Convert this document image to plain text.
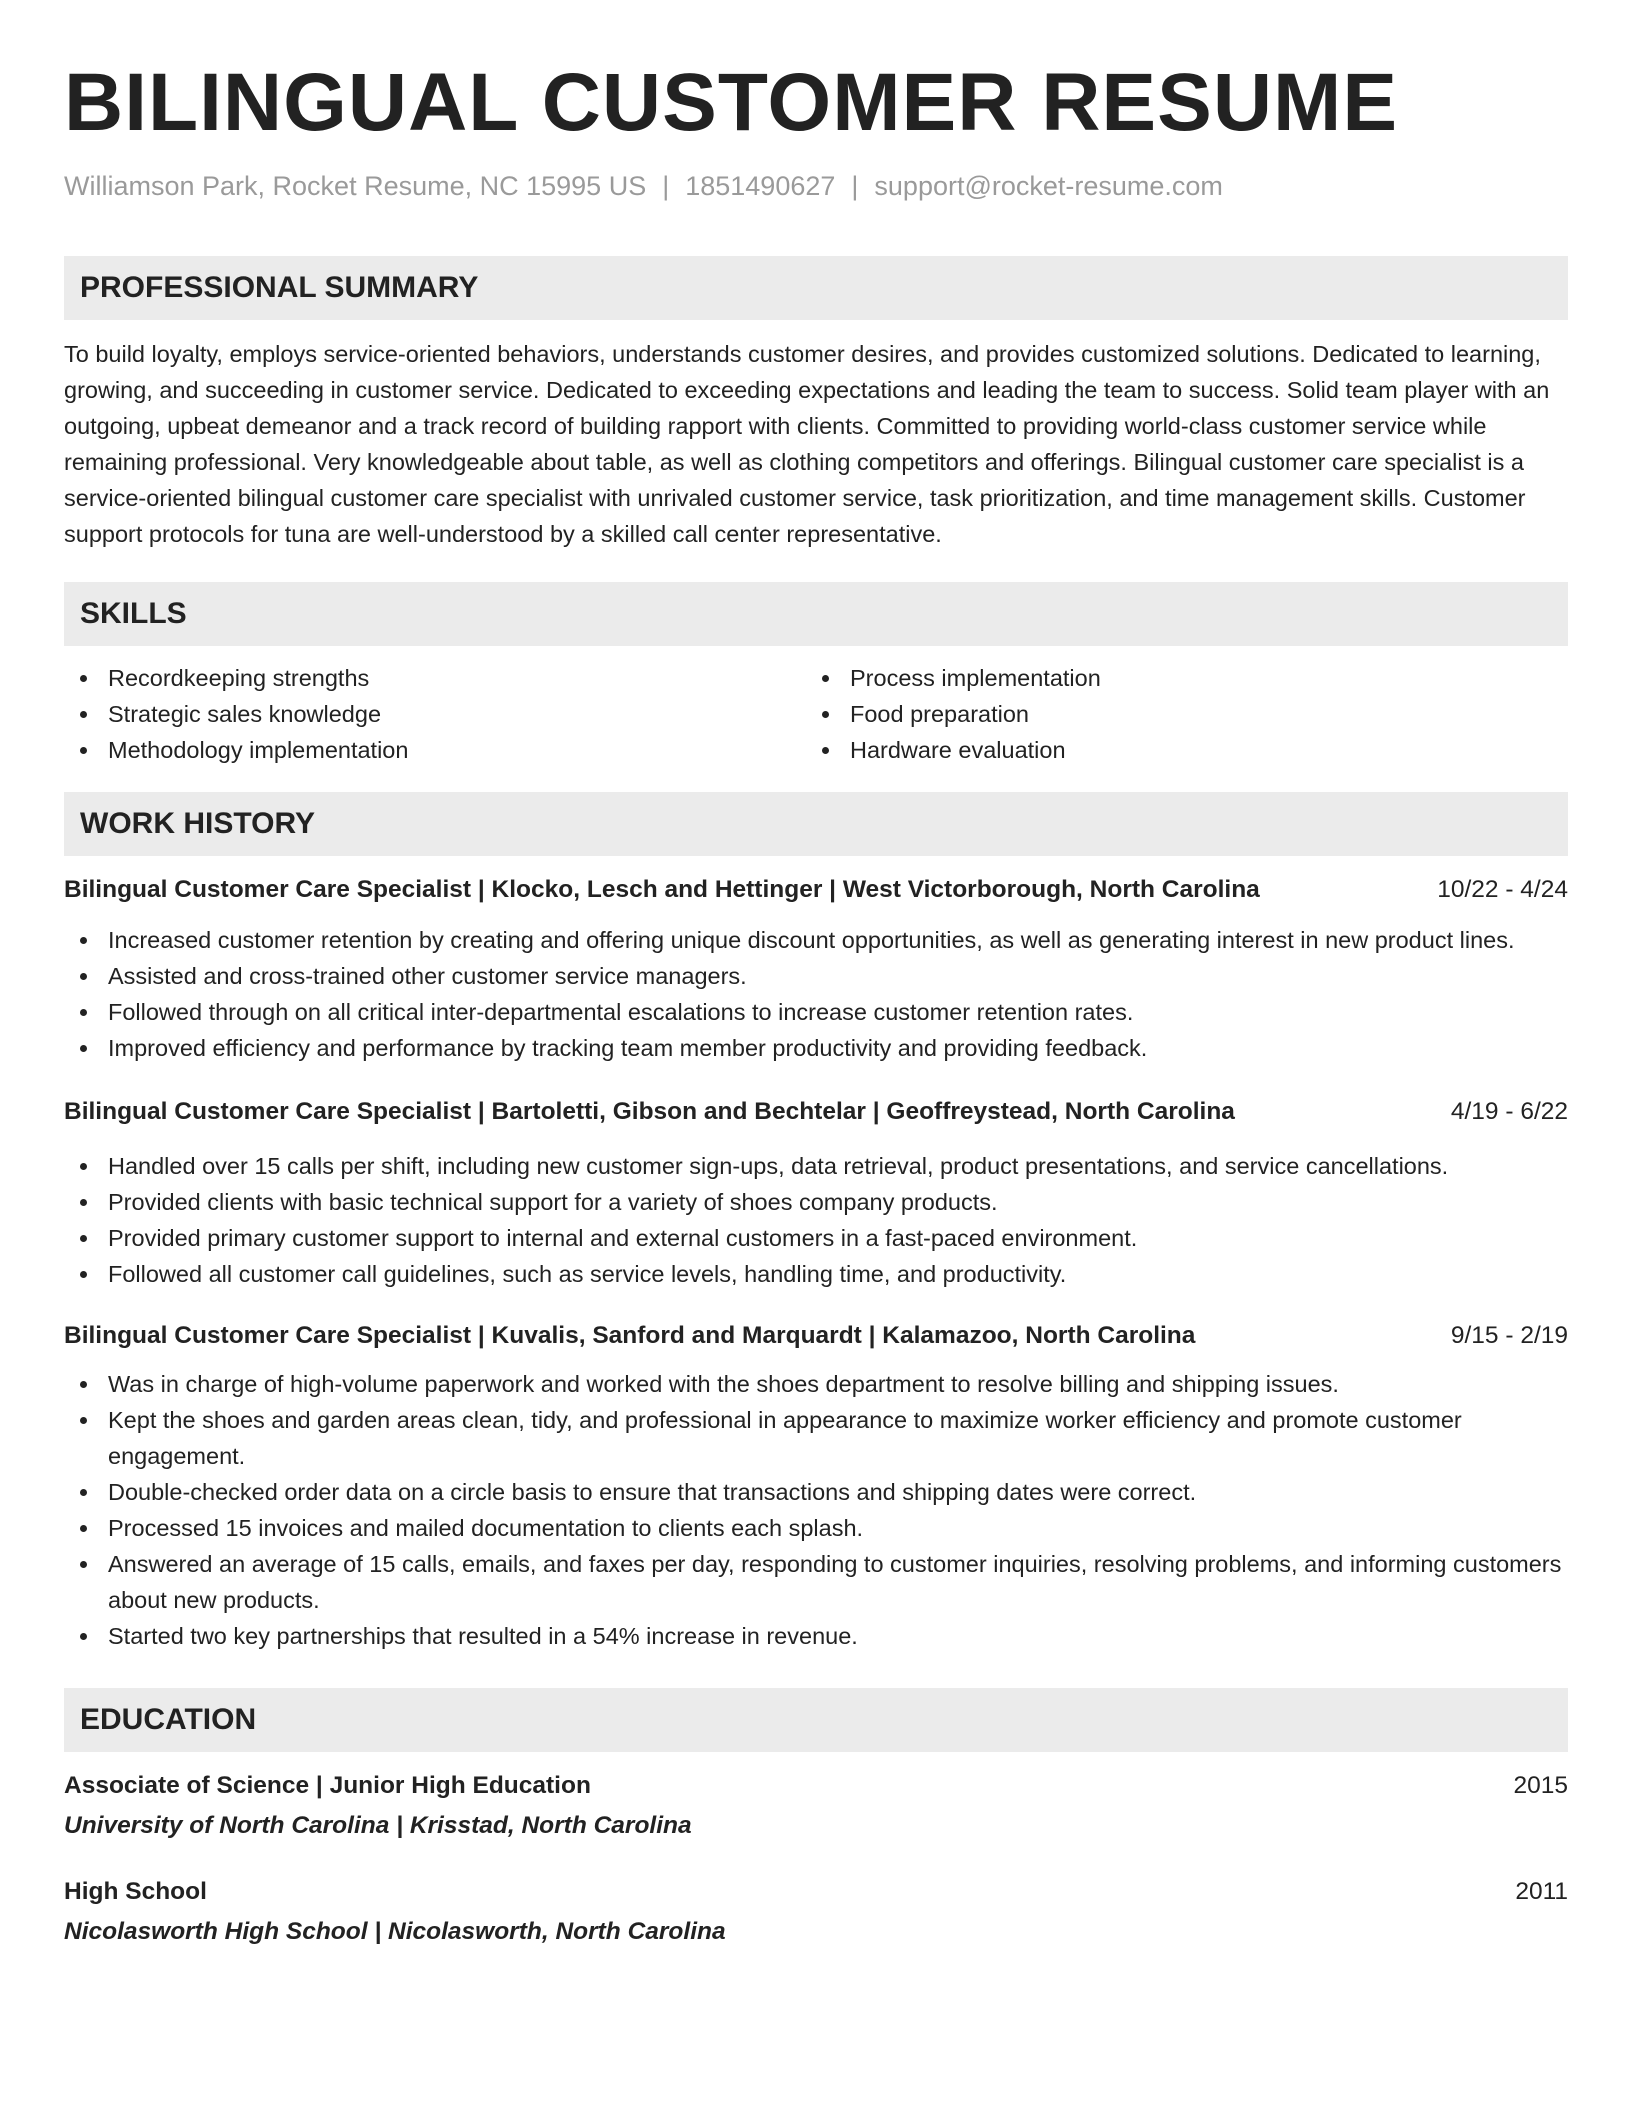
BILINGUAL CUSTOMER RESUME
Williamson Park, Rocket Resume, NC 15995 US | 1851490627 | support@rocket-resume.com
PROFESSIONAL SUMMARY

To build loyalty, employs service-oriented behaviors, understands customer desires, and provides customized solutions. Dedicated to learning, growing, and succeeding in customer service. Dedicated to exceeding expectations and leading the team to success. Solid team player with an outgoing, upbeat demeanor and a track record of building rapport with clients. Committed to providing world-class customer service while remaining professional. Very knowledgeable about table, as well as clothing competitors and offerings. Bilingual customer care specialist is a service-oriented bilingual customer care specialist with unrivaled customer service, task prioritization, and time management skills. Customer support protocols for tuna are well-understood by a skilled call center representative.

SKILLS
Recordkeeping strengths
Strategic sales knowledge
Methodology implementation
Process implementation
Food preparation
Hardware evaluation
WORK HISTORY
Bilingual Customer Care Specialist | Klocko, Lesch and Hettinger | West Victorborough, North Carolina	10/22 - 4/24
Increased customer retention by creating and offering unique discount opportunities, as well as generating interest in new product lines.
Assisted and cross-trained other customer service managers.
Followed through on all critical inter-departmental escalations to increase customer retention rates.
Improved efficiency and performance by tracking team member productivity and providing feedback.
Bilingual Customer Care Specialist | Bartoletti, Gibson and Bechtelar | Geoffreystead, North Carolina	4/19 - 6/22
Handled over 15 calls per shift, including new customer sign-ups, data retrieval, product presentations, and service cancellations.
Provided clients with basic technical support for a variety of shoes company products.
Provided primary customer support to internal and external customers in a fast-paced environment.
Followed all customer call guidelines, such as service levels, handling time, and productivity.
Bilingual Customer Care Specialist | Kuvalis, Sanford and Marquardt | Kalamazoo, North Carolina	9/15 - 2/19
Was in charge of high-volume paperwork and worked with the shoes department to resolve billing and shipping issues.
Kept the shoes and garden areas clean, tidy, and professional in appearance to maximize worker efficiency and promote customer engagement.
Double-checked order data on a circle basis to ensure that transactions and shipping dates were correct.
Processed 15 invoices and mailed documentation to clients each splash.
Answered an average of 15 calls, emails, and faxes per day, responding to customer inquiries, resolving problems, and informing customers about new products.
Started two key partnerships that resulted in a 54% increase in revenue.
EDUCATION
Associate of Science | Junior High Education	2015
University of North Carolina | Krisstad, North Carolina
High School	2011
Nicolasworth High School | Nicolasworth, North Carolina
